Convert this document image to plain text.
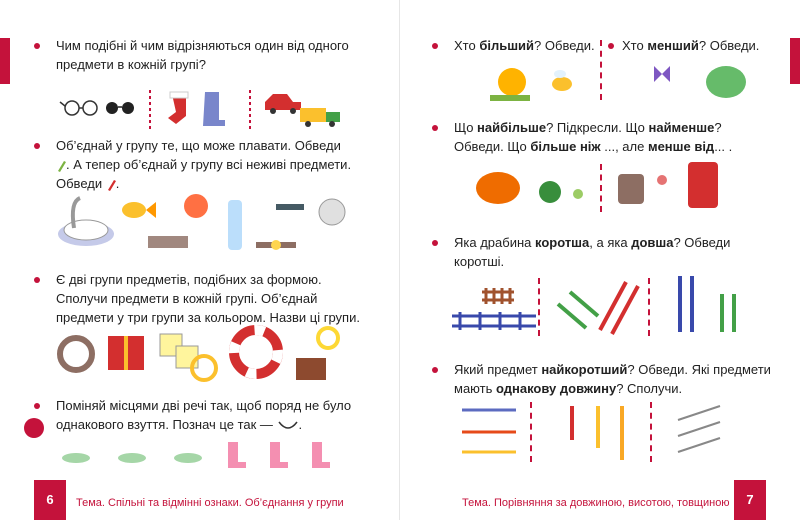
Чим подібні й чим відрізняються один від одного предмети в кожній групі?
Об’єднай у групу те, що може плавати. Обведи
. А тепер об’єднай у групу всі неживі предмети.
Обведи .
Є дві групи предметів, подібних за формою. Сполучи предмети в кожній групі. Об’єднай предмети у три групи за кольором. Назви ці групи.
Поміняй місцями дві речі так, щоб поряд не було однакового взуття. Познач це так — .
6	Тема. Спільні та відмінні ознаки. Об’єднання у групи
Хто більший? Обведи.	Хто менший? Обведи.
Що найбільше? Підкресли. Що найменше? Обведи. Що більше ніж ..., але менше від... .
Яка драбина коротша, а яка довша? Обведи коротші.
Який предмет найкоротший? Обведи. Які предмети мають однакову довжину? Сполучи.
Тема. Порівняння за довжиною, висотою, товщиною	7
